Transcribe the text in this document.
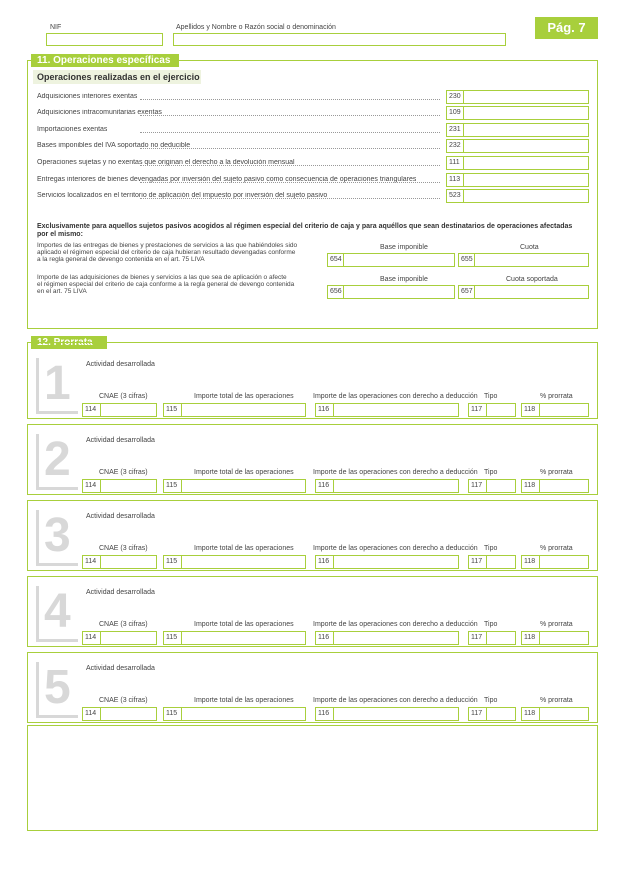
NIF	Apellidos y Nombre o Razón social o denominación	Pág. 7
11. Operaciones específicas
Operaciones realizadas en el ejercicio
Adquisiciones interiores exentas	230
Adquisiciones intracomunitarias exentas	109
Importaciones exentas	231
Bases imponibles del IVA soportado no deducible	232
Operaciones sujetas y no exentas que originan el derecho a la devolución mensual	111
Entregas interiores de bienes devengadas por inversión del sujeto pasivo como consecuencia de operaciones triangulares	113
Servicios localizados en el territorio de aplicación del impuesto por inversión del sujeto pasivo	523
Exclusivamente para aquellos sujetos pasivos acogidos al régimen especial del criterio de caja y para aquéllos que sean destinatarios de operaciones afectadas por el mismo:
Importes de las entregas de bienes y prestaciones de servicios a las que habiéndoles sido
aplicado el régimen especial del criterio de caja hubieran resultado devengadas conforme
a la regla general de devengo contenida en el art. 75 LIVA
Base imponible	Cuota
654	655
Importe de las adquisiciones de bienes y servicios a las que sea de aplicación o afecte
el régimen especial del criterio de caja conforme a la regla general de devengo contenida
en el art. 75 LIVA
Base imponible	Cuota soportada
656	657
12. Prorrata
1 Actividad desarrollada
CNAE (3 cifras)	Importe total de las operaciones	Importe de las operaciones con derecho a deducción Tipo	% prorrata
114	115	116	117	118
2 Actividad desarrollada
CNAE (3 cifras)	Importe total de las operaciones	Importe de las operaciones con derecho a deducción Tipo	% prorrata
114	115	116	117	118
3 Actividad desarrollada
CNAE (3 cifras)	Importe total de las operaciones	Importe de las operaciones con derecho a deducción Tipo	% prorrata
114	115	116	117	118
4 Actividad desarrollada
CNAE (3 cifras)	Importe total de las operaciones	Importe de las operaciones con derecho a deducción Tipo	% prorrata
114	115	116	117	118
5 Actividad desarrollada
CNAE (3 cifras)	Importe total de las operaciones	Importe de las operaciones con derecho a deducción Tipo	% prorrata
114	115	116	117	118
